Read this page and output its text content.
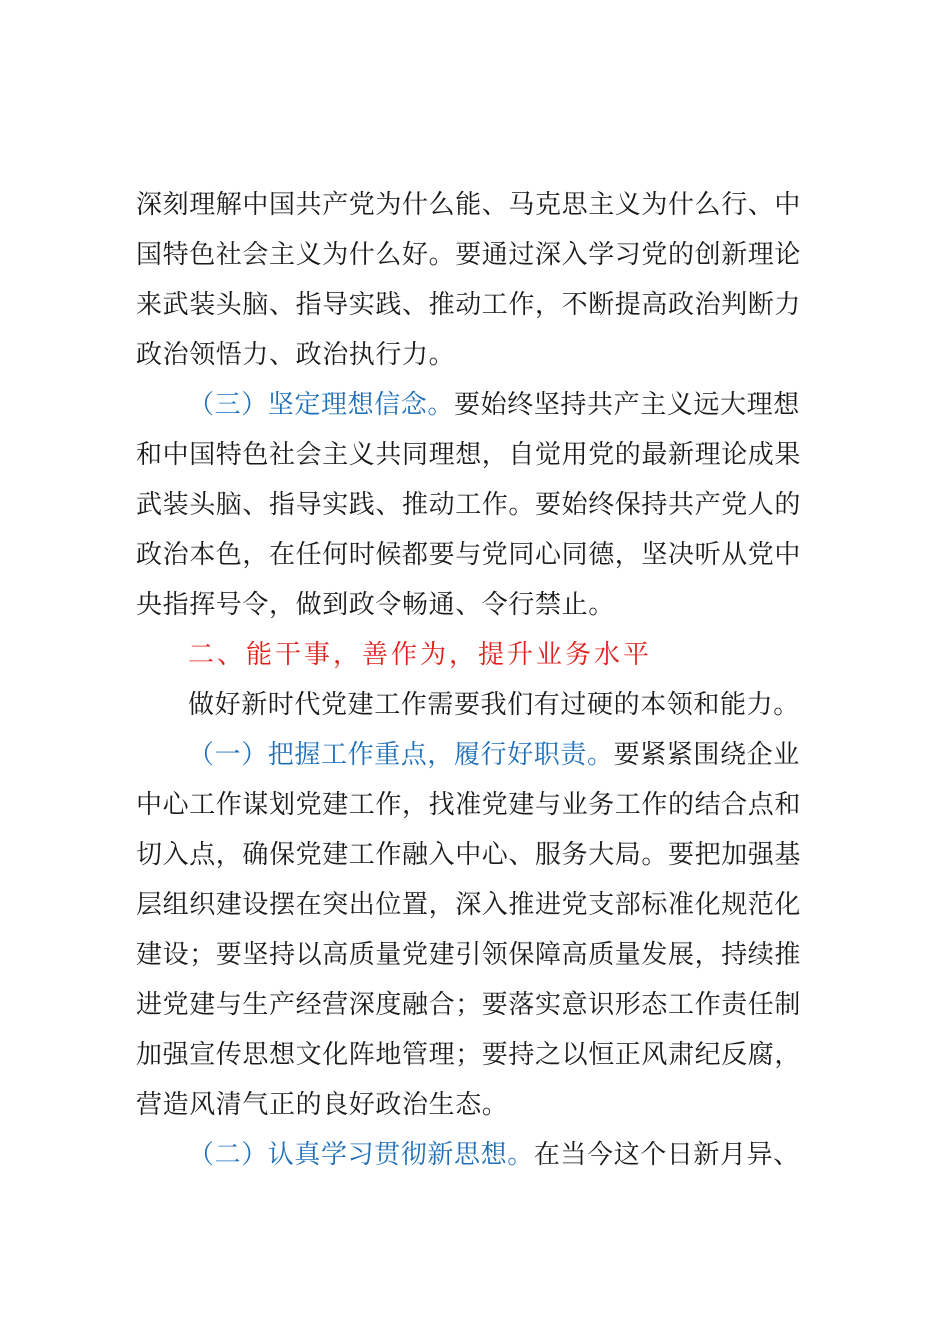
深刻理解中国共产党为什么能、马克思主义为什么行、中
国特色社会主义为什么好。要通过深入学习党的创新理论
来武装头脑、指导实践、推动工作，不断提高政治判断力
政治领悟力、政治执行力。
（三）坚定理想信念。要始终坚持共产主义远大理想
和中国特色社会主义共同理想，自觉用党的最新理论成果
武装头脑、指导实践、推动工作。要始终保持共产党人的
政治本色，在任何时候都要与党同心同德，坚决听从党中
央指挥号令，做到政令畅通、令行禁止。
二、能干事，善作为，提升业务水平
做好新时代党建工作需要我们有过硬的本领和能力。
（一）把握工作重点，履行好职责。要紧紧围绕企业
中心工作谋划党建工作，找准党建与业务工作的结合点和
切入点，确保党建工作融入中心、服务大局。要把加强基
层组织建设摆在突出位置，深入推进党支部标准化规范化
建设；要坚持以高质量党建引领保障高质量发展，持续推
进党建与生产经营深度融合；要落实意识形态工作责任制
加强宣传思想文化阵地管理；要持之以恒正风肃纪反腐，
营造风清气正的良好政治生态。
（二）认真学习贯彻新思想。在当今这个日新月异、
